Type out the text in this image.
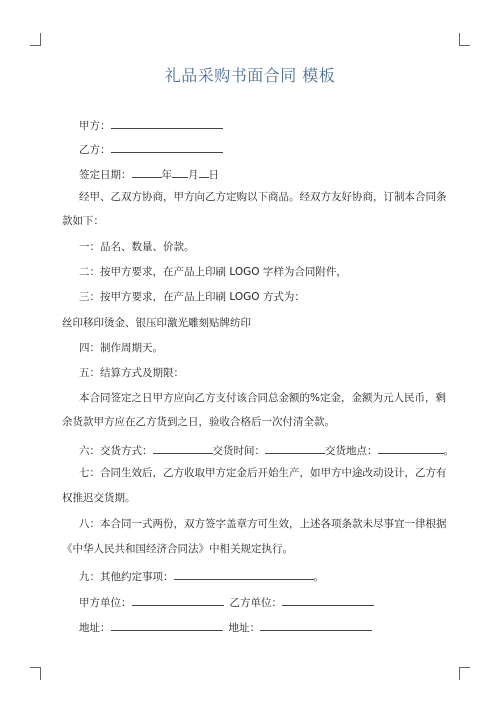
礼品采购书面合同 模板
甲方：
乙方：
签定日期：	年 月 日
经甲、乙双方协商，甲方向乙方定购以下商品。经双方友好协商，订制本合同条
款如下：
一：品名、数量、价款。
二：按甲方要求，在产品上印刷 LOGO 字样为合同附件，
三：按甲方要求，在产品上印刷 LOGO 方式为：
丝印移印烫金、银压印激光雕刻贴牌纺印
四：制作周期天。
五：结算方式及期限：
本合同签定之日甲方应向乙方支付该合同总金额的%定金，金额为元人民币，剩
余货款甲方应在乙方货到之日，验收合格后一次付清全款。
六：交货方式：	交货时间：	交货地点：	。
七：合同生效后，乙方收取甲方定金后开始生产，如甲方中途改动设计，乙方有
权推迟交货期。
八：本合同一式两份，双方签字盖章方可生效，上述各项条款未尽事宜一律根据
《中华人民共和国经济合同法》中相关规定执行。
九：其他约定事项：	。
甲方单位：	乙方单位：
地址：	地址：
